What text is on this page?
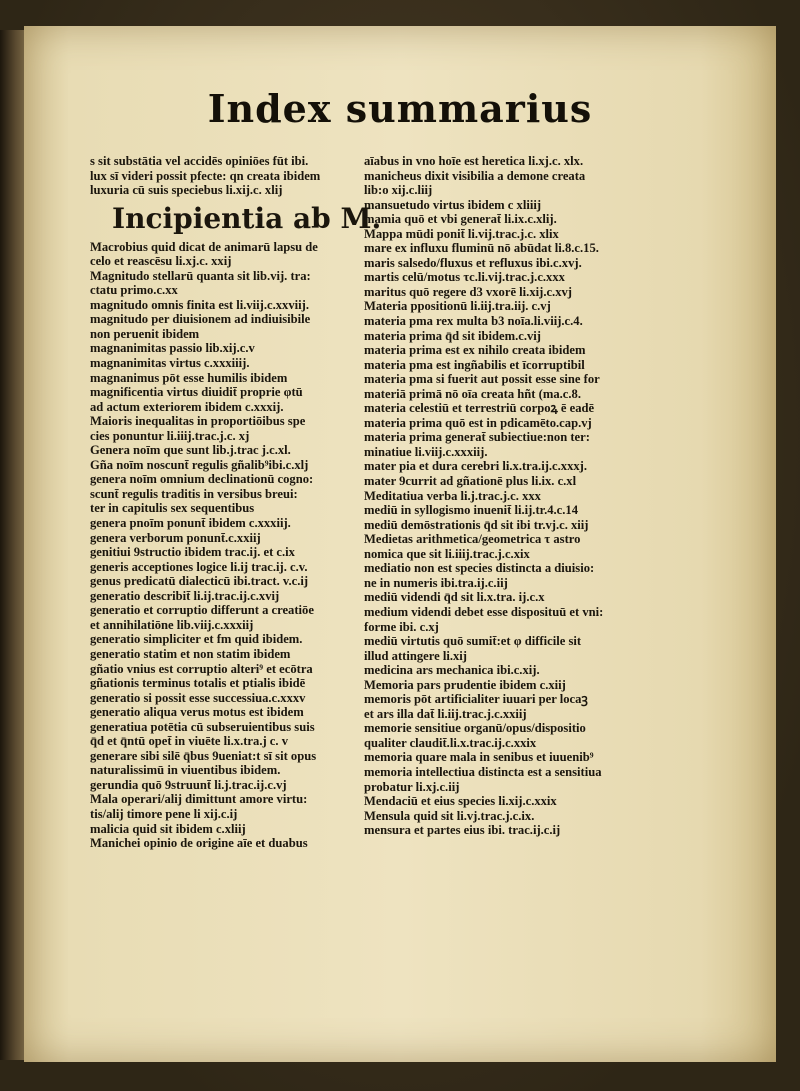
Index summarius
s sit substātia vel accidēs opiniōes fūt ibi.
lux sī videri possit pfecte: qn creata ibidem
luxuria cū suis speciebus li.xij.c. xlij
Incipientia ab M.
Macrobius quid dicat de animarū lapsu de
celo et reascēsu li.xj.c. xxij
Magnitudo stellarū quanta sit lib.vij. tra:
ctatu primo.c.xx
magnitudo omnis finita est li.viij.c.xxviij.
magnitudo per diuisionem ad indiuisibile
non peruenit ibidem
magnanimitas passio lib.xij.c.v
magnanimitas virtus c.xxxiiij.
magnanimus pōt esse humilis ibidem
magnificentia virtus diuidit̄ proprie φtū
ad actum exteriorem ibidem c.xxxij.
Maioris inequalitas in proportiōibus spe
cies ponuntur li.iiij.trac.j.c. xj
Genera noīm que sunt lib.j.trac j.c.xl.
Gña noīm noscunt̄ regulis gñalib⁹ibi.c.xlj
genera noīm omnium declinationū cogno:
scunt̄ regulis traditis in versibus breui:
ter in capitulis sex sequentibus
genera pnoīm ponunt̄ ibidem c.xxxiij.
genera verborum ponunt̄.c.xxiij
genitiui 9structio ibidem trac.ij. et c.ix
generis acceptiones logice li.ij trac.ij. c.v.
genus predicatū dialecticū ibi.tract. v.c.ij
generatio describit̄ li.ij.trac.ij.c.xvij
generatio et corruptio differunt a creatiōe
et annihilatiōne lib.viij.c.xxxiij
generatio simpliciter et fm quid ibidem.
generatio statim et non statim ibidem
gñatio vnius est corruptio alteri⁹ et ecōtra
gñationis terminus totalis et ptialis ibidē
generatio si possit esse successiua.c.xxxv
generatio aliqua verus motus est ibidem
generatiua potētia cū subseruientibus suis
q̄d et q̄ntū opet̄ in viuēte li.x.tra.j c. v
generare sibi silē q̄bus 9ueniat:t sī sit opus
naturalissimū in viuentibus ibidem.
gerundia quō 9struunt̄ li.j.trac.ij.c.vj
Mala operari/alij dimittunt amore virtu:
tis/alij timore pene li xij.c.ij
malicia quid sit ibidem c.xliij
Manichei opinio de origine aīe et duabus
aīabus in vno hoīe est heretica li.xj.c. xlx.
manicheus dixit visibilia a demone creata
lib:o xij.c.liij
mansuetudo virtus ibidem c xliiij
mamia quō et vbi generat̄ li.ix.c.xlij.
Mappa mūdi ponit̄ li.vij.trac.j.c. xlix
mare ex influxu fluminū nō abūdat li.8.c.15.
maris salsedo/fluxus et refluxus ibi.c.xvj.
martis celū/motus τc.li.vij.trac.j.c.xxx
maritus quō regere d3 vxorē li.xij.c.xvj
Materia ppositionū li.iij.tra.iij. c.vj
materia pma rex multa b3 noīa.li.viij.c.4.
materia prima q̄d sit ibidem.c.vij
materia prima est ex nihilo creata ibidem
materia pma est ingñabilis et īcorruptibil
materia pma si fuerit aut possit esse sine for
materiā primā nō oīa creata hñt (ma.c.8.
materia celestiū et terrestriū corpoꝝ ē eadē
materia prima quō est in pdicamēto.cap.vj
materia prima generat̄ subiectiue:non ter:
minatiue li.viij.c.xxxiij.
mater pia et dura cerebri li.x.tra.ij.c.xxxj.
mater 9currit ad gñationē plus li.ix. c.xl
Meditatiua verba li.j.trac.j.c. xxx
mediū in syllogismo inuenit̄ li.ij.tr.4.c.14
mediū demōstrationis q̄d sit ibi tr.vj.c. xiij
Medietas arithmetica/geometrica τ astro
nomica que sit li.iiij.trac.j.c.xix
mediatio non est species distincta a diuisio:
ne in numeris ibi.tra.ij.c.iij
mediū videndi q̄d sit li.x.tra. ij.c.x
medium videndi debet esse disposituū et vni:
forme ibi. c.xj
mediū virtutis quō sumit̄:et φ difficile sit
illud attingere li.xij
medicina ars mechanica ibi.c.xij.
Memoria pars prudentie ibidem c.xiij
memoris pōt artificialiter iuuari per locaꝫ
et ars illa dat̄ li.iij.trac.j.c.xxiij
memorie sensitiue organū/opus/dispositio
qualiter claudit̄.li.x.trac.ij.c.xxix
memoria quare mala in senibus et iuuenib⁹
memoria intellectiua distincta est a sensitiua
probatur li.xj.c.iij
Mendaciū et eius species li.xij.c.xxix
Mensula quid sit li.vj.trac.j.c.ix.
mensura et partes eius ibi. trac.ij.c.ij
